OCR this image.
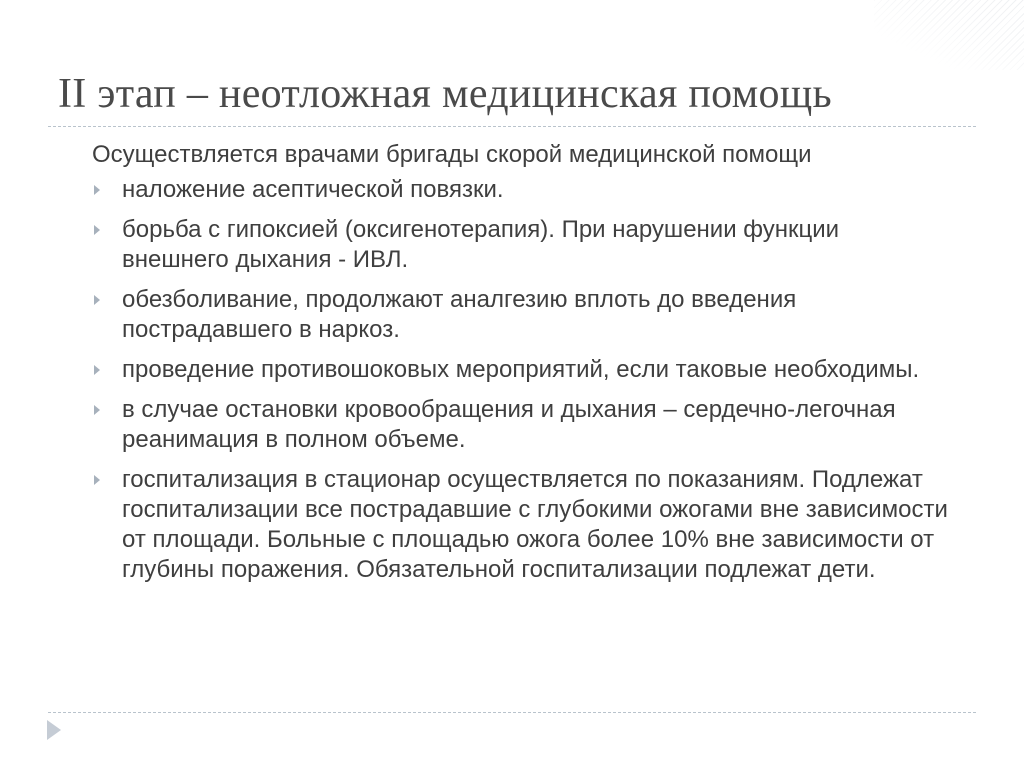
II этап – неотложная медицинская помощь

Осуществляется врачами бригады скорой медицинской помощи

наложение асептической повязки.
борьба с гипоксией (оксигенотерапия). При нарушении функции внешнего дыхания - ИВЛ.
обезболивание, продолжают аналгезию вплоть до введения пострадавшего в наркоз.
проведение противошоковых мероприятий, если таковые необходимы.
в случае остановки кровообращения и дыхания – сердечно-легочная реанимация в полном объеме.
госпитализация в стационар осуществляется по показаниям. Подлежат госпитализации все пострадавшие с глубокими ожогами вне зависимости от площади. Больные с площадью ожога более 10% вне зависимости от глубины поражения. Обязательной госпитализации подлежат дети.
